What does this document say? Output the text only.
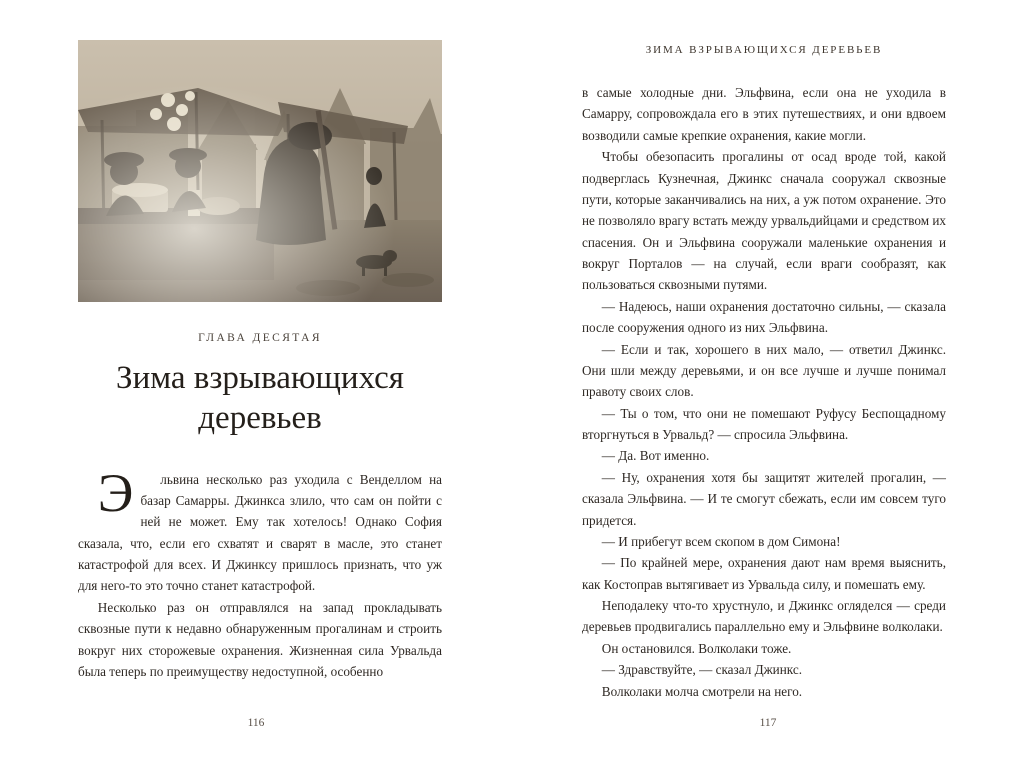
ГЛАВА ДЕСЯТАЯ
Зима взрывающихся деревьев

Э	львина несколько раз уходила с Венделлом на базар Самарры. Джинкса злило, что сам он пойти с ней не может. Ему так хотелось! Однако София сказала, что, если его схватят и сварят в масле, это станет катастрофой для всех. И Джинксу пришлось признать, что уж для него-то это точно станет катастрофой.

Несколько раз он отправлялся на запад прокладывать сквозные пути к недавно обнаруженным прогалинам и строить вокруг них сторожевые охранения. Жизненная сила Урвальда была теперь по преимуществу недоступной, особенно

116
ЗИМА ВЗРЫВАЮЩИХСЯ ДЕРЕВЬЕВ

в самые холодные дни. Эльфвина, если она не уходила в Самарру, сопровождала его в этих путешествиях, и они вдвоем возводили самые крепкие охранения, какие могли.

Чтобы обезопасить прогалины от осад вроде той, какой подверглась Кузнечная, Джинкс сначала сооружал сквозные пути, которые заканчивались на них, а уж потом охранение. Это не позволяло врагу встать между урвальдийцами и средством их спасения. Он и Эльфвина сооружали маленькие охранения и вокруг Порталов — на случай, если враги сообразят, как пользоваться сквозными путями.

— Надеюсь, наши охранения достаточно сильны, — сказала после сооружения одного из них Эльфвина.

— Если и так, хорошего в них мало, — ответил Джинкс. Они шли между деревьями, и он все лучше и лучше понимал правоту своих слов.

— Ты о том, что они не помешают Руфусу Беспощадному вторгнуться в Урвальд? — спросила Эльфвина.

— Да. Вот именно.

— Ну, охранения хотя бы защитят жителей прогалин, — сказала Эльфвина. — И те смогут сбежать, если им совсем туго придется.

— И прибегут всем скопом в дом Симона!

— По крайней мере, охранения дают нам время выяснить, как Костоправ вытягивает из Урвальда силу, и помешать ему.

Неподалеку что-то хрустнуло, и Джинкс огляделся — среди деревьев продвигались параллельно ему и Эльфвине волколаки.

Он остановился. Волколаки тоже.

— Здравствуйте, — сказал Джинкс.

Волколаки молча смотрели на него.

117
